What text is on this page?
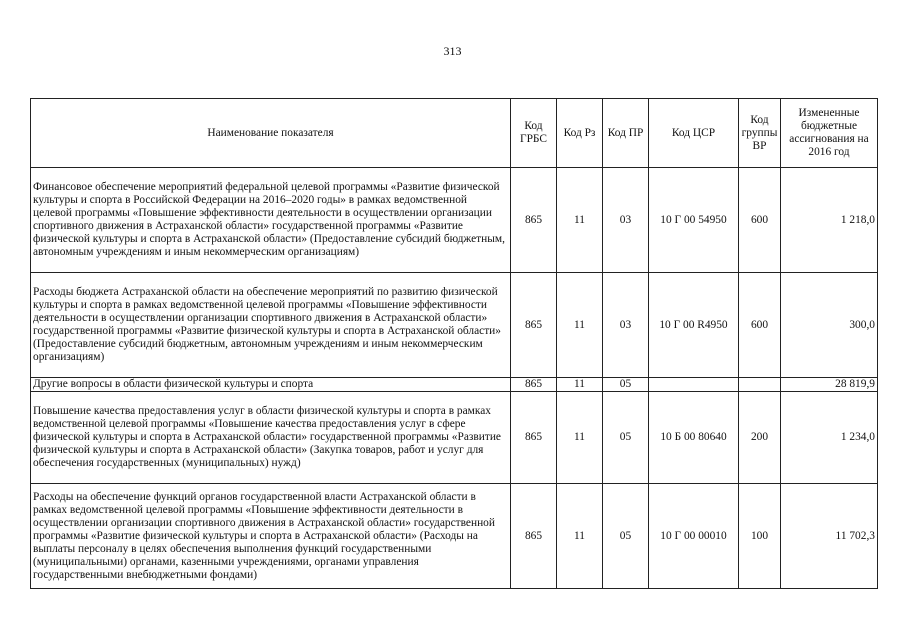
313
Наименование показателя	Код ГРБС	Код Рз	Код ПР	Код ЦСР	Код группы ВР	Измененные бюджетные ассигнования на 2016 год
Финансовое обеспечение мероприятий федеральной целевой программы «Развитие физической культуры и спорта в Российской Федерации на 2016–2020 годы» в рамках ведомственной целевой программы «Повышение эффективности деятельности в осуществлении организации спортивного движения в Астраханской области» государственной программы «Развитие физической культуры и спорта в Астраханской области» (Предоставление субсидий бюджетным, автономным учреждениям и иным некоммерческим организациям)	865	11	03	10 Г 00 54950	600	1 218,0
Расходы бюджета Астраханской области на обеспечение мероприятий по развитию физической культуры и спорта в рамках ведомственной целевой программы «Повышение эффективности деятельности в осуществлении организации спортивного движения в Астраханской области» государственной программы «Развитие физической культуры и спорта в Астраханской области» (Предоставление субсидий бюджетным, автономным учреждениям и иным некоммерческим организациям)	865	11	03	10 Г 00 R4950	600	300,0
Другие вопросы в области физической культуры и спорта	865	11	05			28 819,9
Повышение качества предоставления услуг в области физической культуры и спорта в рамках ведомственной целевой программы «Повышение качества предоставления услуг в сфере физической культуры и спорта в Астраханской области» государственной программы «Развитие физической культуры и спорта в Астраханской области» (Закупка товаров, работ и услуг для обеспечения государственных (муниципальных) нужд)	865	11	05	10 Б 00 80640	200	1 234,0
Расходы на обеспечение функций органов государственной власти Астраханской области в рамках ведомственной целевой программы «Повышение эффективности деятельности в осуществлении организации спортивного движения в Астраханской области» государственной программы «Развитие физической культуры и спорта в Астраханской области» (Расходы на выплаты персоналу в целях обеспечения выполнения функций государственными (муниципальными) органами, казенными учреждениями, органами управления государственными внебюджетными фондами)	865	11	05	10 Г 00 00010	100	11 702,3
